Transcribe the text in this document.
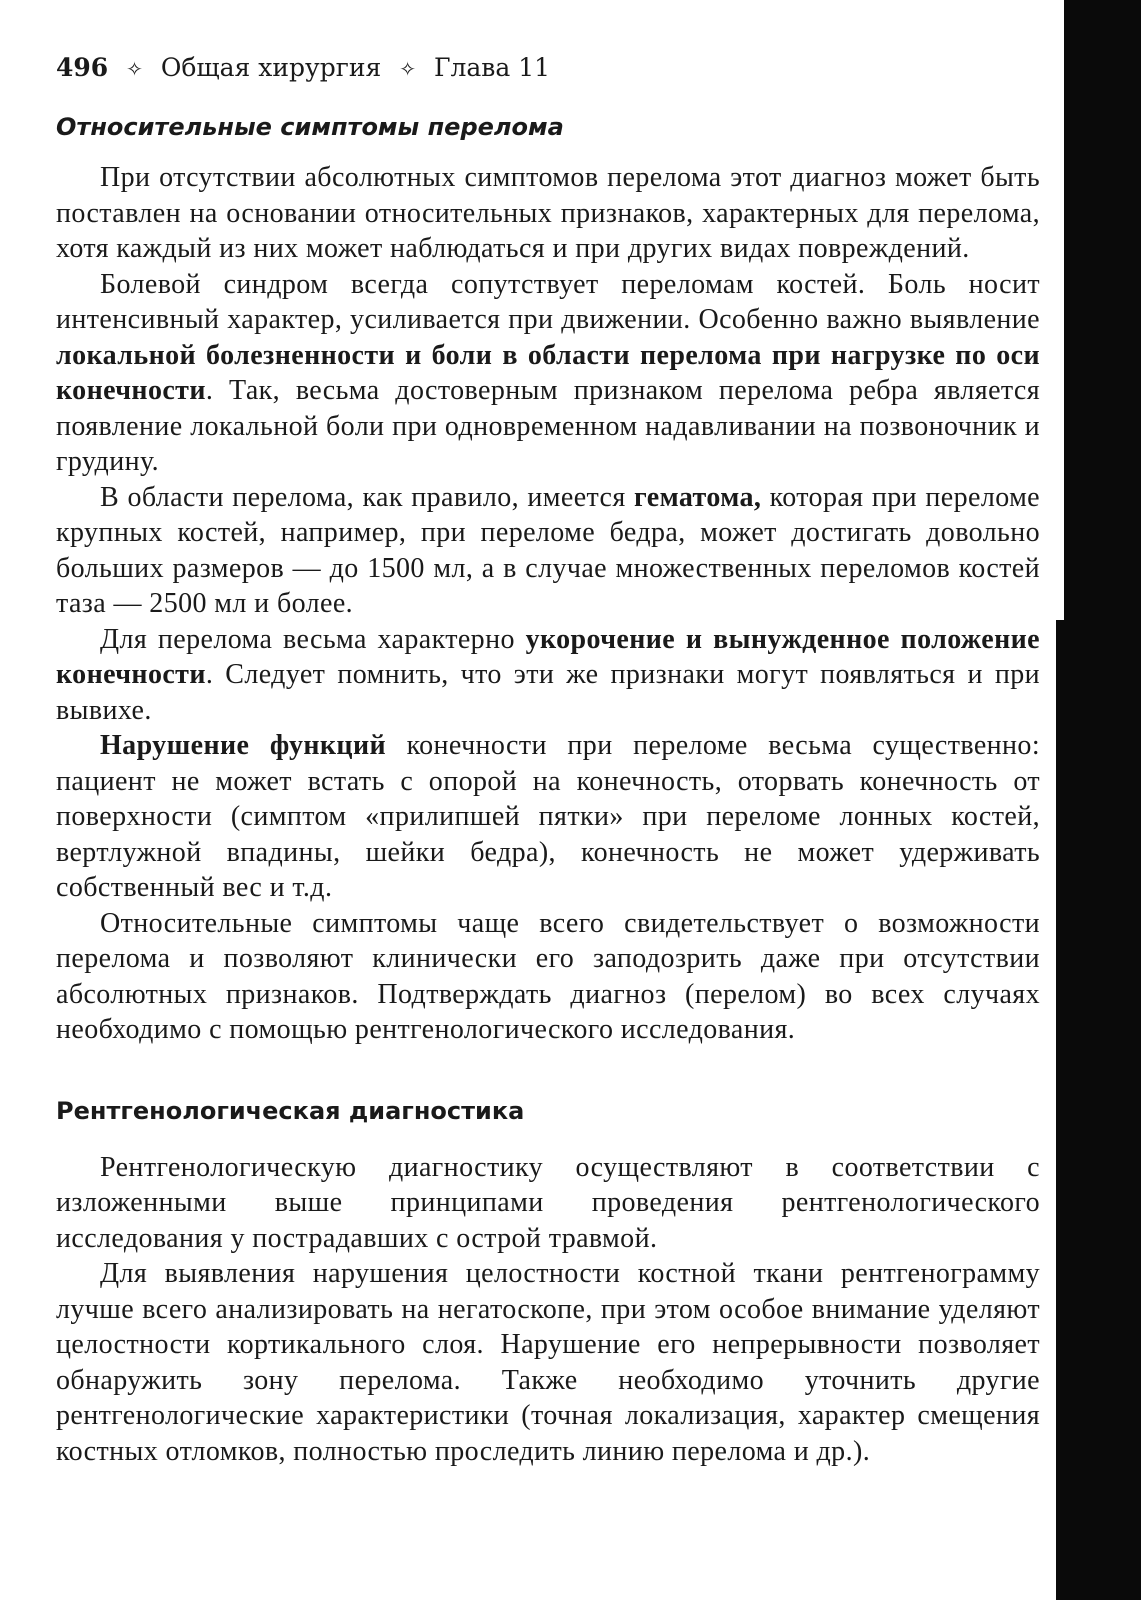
496 ✧ Общая хирургия ✧ Глава 11
Относительные симптомы перелома

При отсутствии абсолютных симптомов перелома этот диагноз может быть поставлен на основании относительных признаков, характерных для перелома, хотя каждый из них может наблюдаться и при других видах повреждений.

Болевой синдром всегда сопутствует переломам костей. Боль носит интенсивный характер, усиливается при движении. Особенно важно выявление локальной болезненности и боли в области перелома при нагрузке по оси конечности. Так, весьма достоверным признаком перелома ребра является появление локальной боли при одновременном надавливании на позвоночник и грудину.

В области перелома, как правило, имеется гематома, которая при переломе крупных костей, например, при переломе бедра, может достигать довольно больших размеров — до 1500 мл, а в случае множественных переломов костей таза — 2500 мл и более.

Для перелома весьма характерно укорочение и вынужденное положение конечности. Следует помнить, что эти же признаки могут появляться и при вывихе.

Нарушение функций конечности при переломе весьма существенно: пациент не может встать с опорой на конечность, оторвать конечность от поверхности (симптом «прилипшей пятки» при переломе лонных костей, вертлужной впадины, шейки бедра), конечность не может удерживать собственный вес и т.д.

Относительные симптомы чаще всего свидетельствует о возможности перелома и позволяют клинически его заподозрить даже при отсутствии абсолютных признаков. Подтверждать диагноз (перелом) во всех случаях необходимо с помощью рентгенологического исследования.

Рентгенологическая диагностика

Рентгенологическую диагностику осуществляют в соответствии с изложенными выше принципами проведения рентгенологического исследования у пострадавших с острой травмой.

Для выявления нарушения целостности костной ткани рентгенограмму лучше всего анализировать на негатоскопе, при этом особое внимание уделяют целостности кортикального слоя. Нарушение его непрерывности позволяет обнаружить зону перелома. Также необходимо уточнить другие рентгенологические характеристики (точная локализация, характер смещения костных отломков, полностью проследить линию перелома и др.).
